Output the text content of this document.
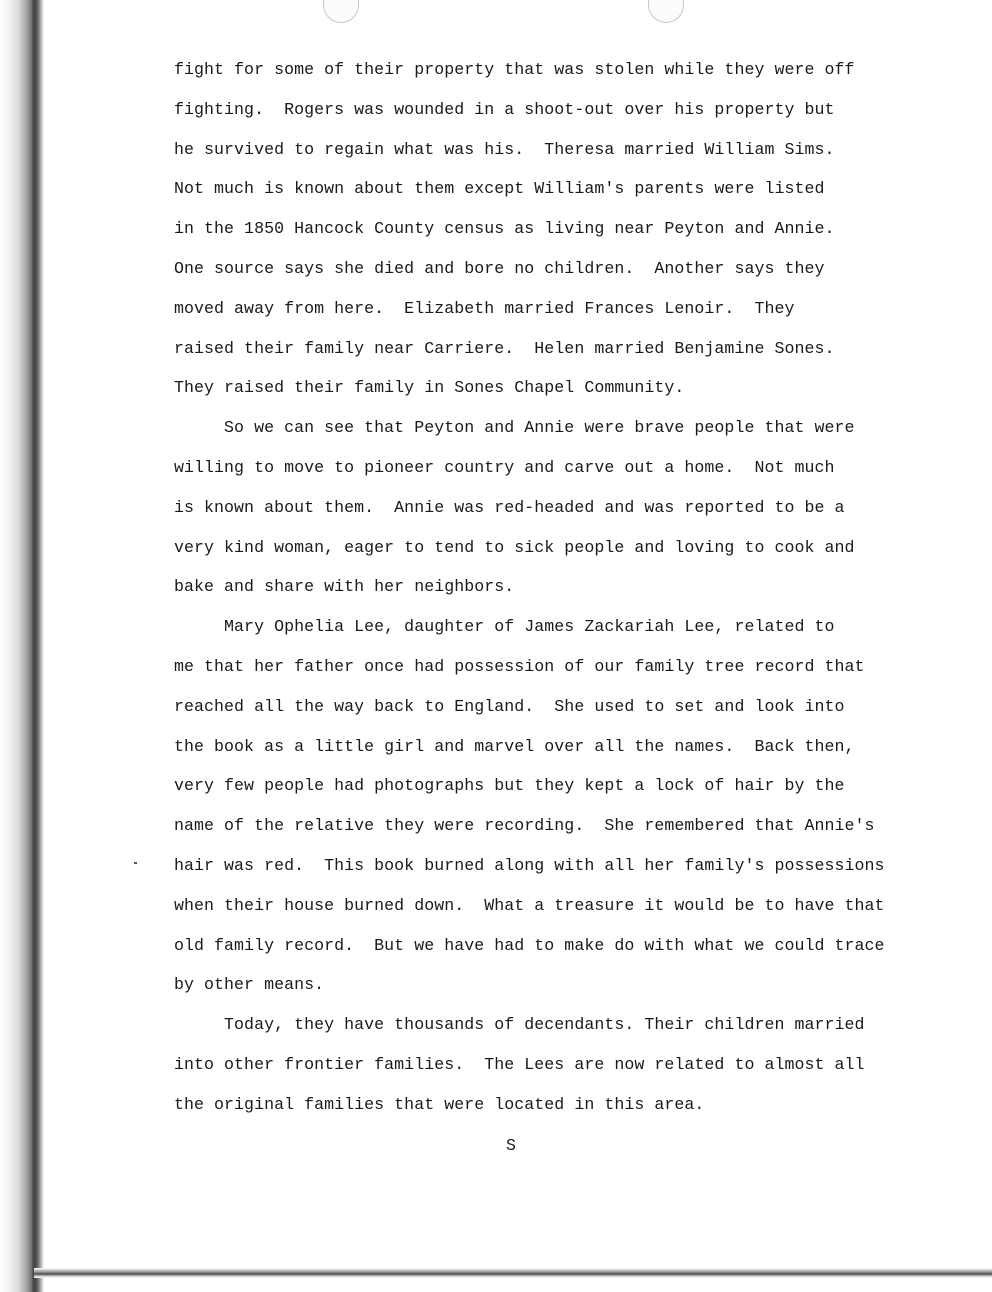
fight for some of their property that was stolen while they were off
fighting.  Rogers was wounded in a shoot-out over his property but
he survived to regain what was his.  Theresa married William Sims.
Not much is known about them except William's parents were listed
in the 1850 Hancock County census as living near Peyton and Annie.
One source says she died and bore no children.  Another says they
moved away from here.  Elizabeth married Frances Lenoir.  They
raised their family near Carriere.  Helen married Benjamine Sones.
They raised their family in Sones Chapel Community.
So we can see that Peyton and Annie were brave people that were
willing to move to pioneer country and carve out a home.  Not much
is known about them.  Annie was red-headed and was reported to be a
very kind woman, eager to tend to sick people and loving to cook and
bake and share with her neighbors.
Mary Ophelia Lee, daughter of James Zackariah Lee, related to
me that her father once had possession of our family tree record that
reached all the way back to England.  She used to set and look into
the book as a little girl and marvel over all the names.  Back then,
very few people had photographs but they kept a lock of hair by the
name of the relative they were recording.  She remembered that Annie's
hair was red.  This book burned along with all her family's possessions
when their house burned down.  What a treasure it would be to have that
old family record.  But we have had to make do with what we could trace
by other means.
Today, they have thousands of decendants. Their children married
into other frontier families.  The Lees are now related to almost all
the original families that were located in this area.
S
